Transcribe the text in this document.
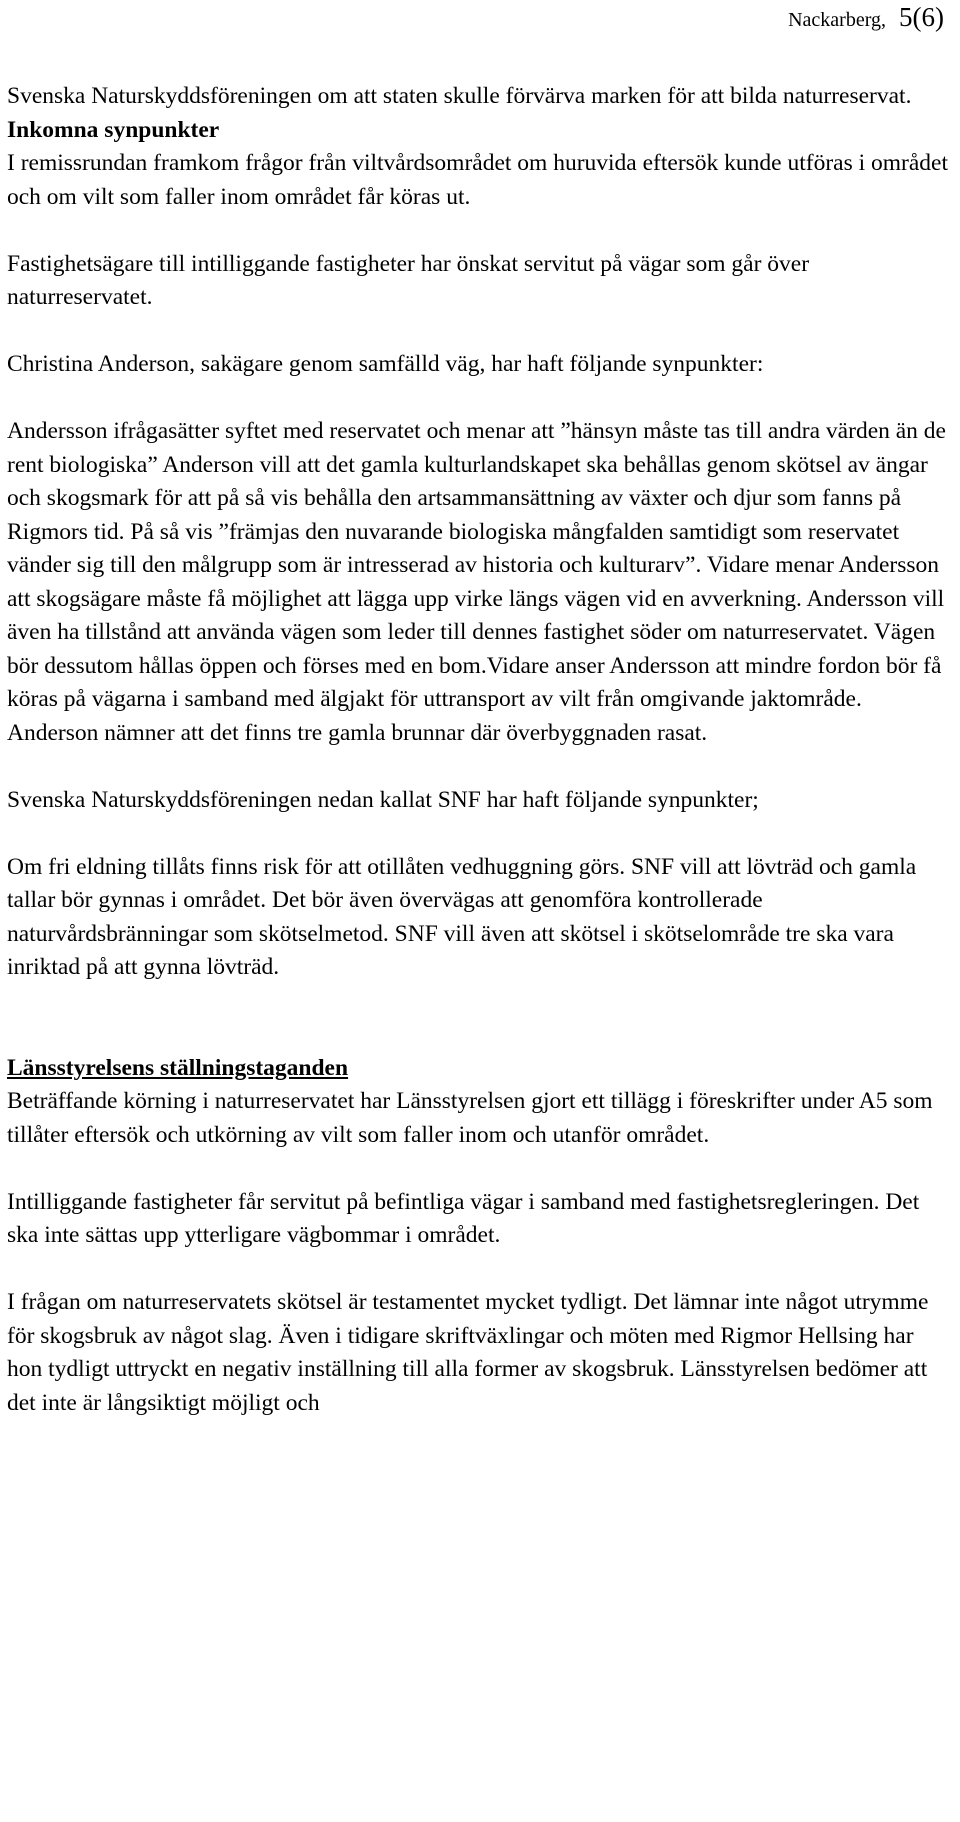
Nackarberg, 5(6)

Svenska Naturskyddsföreningen om att staten skulle förvärva marken för att bilda naturreservat.

Inkomna synpunkter

I remissrundan framkom frågor från viltvårdsområdet om huruvida eftersök kunde utföras i området och om vilt som faller inom området får köras ut.

Fastighetsägare till intilliggande fastigheter har önskat servitut på vägar som går över naturreservatet.

Christina Anderson, sakägare genom samfälld väg, har haft följande synpunkter:

Andersson ifrågasätter syftet med reservatet och menar att ”hänsyn måste tas till andra värden än de rent biologiska” Anderson vill att det gamla kulturlandskapet ska behållas genom skötsel av ängar och skogsmark för att på så vis behålla den artsammansättning av växter och djur som fanns på Rigmors tid. På så vis ”främjas den nuvarande biologiska mångfalden samtidigt som reservatet vänder sig till den målgrupp som är intresserad av historia och kulturarv”. Vidare menar Andersson att skogsägare måste få möjlighet att lägga upp virke längs vägen vid en avverkning. Andersson vill även ha tillstånd att använda vägen som leder till dennes fastighet söder om naturreservatet. Vägen bör dessutom hållas öppen och förses med en bom.Vidare anser Andersson att mindre fordon bör få köras på vägarna i samband med älgjakt för uttransport av vilt från omgivande jaktområde. Anderson nämner att det finns tre gamla brunnar där överbyggnaden rasat.

Svenska Naturskyddsföreningen nedan kallat SNF har haft följande synpunkter;

Om fri eldning tillåts finns risk för att otillåten vedhuggning görs. SNF vill att lövträd och gamla tallar bör gynnas i området. Det bör även övervägas att genomföra kontrollerade naturvårdsbränningar som skötselmetod. SNF vill även att skötsel i skötselområde tre ska vara inriktad på att gynna lövträd.

Länsstyrelsens ställningstaganden

Beträffande körning i naturreservatet har Länsstyrelsen gjort ett tillägg i föreskrifter under A5 som tillåter eftersök och utkörning av vilt som faller inom och utanför området.

Intilliggande fastigheter får servitut på befintliga vägar i samband med fastighetsregleringen. Det ska inte sättas upp ytterligare vägbommar i området.

I frågan om naturreservatets skötsel är testamentet mycket tydligt. Det lämnar inte något utrymme för skogsbruk av något slag. Även i tidigare skriftväxlingar och möten med Rigmor Hellsing har hon tydligt uttryckt en negativ inställning till alla former av skogsbruk. Länsstyrelsen bedömer att det inte är långsiktigt möjligt och
